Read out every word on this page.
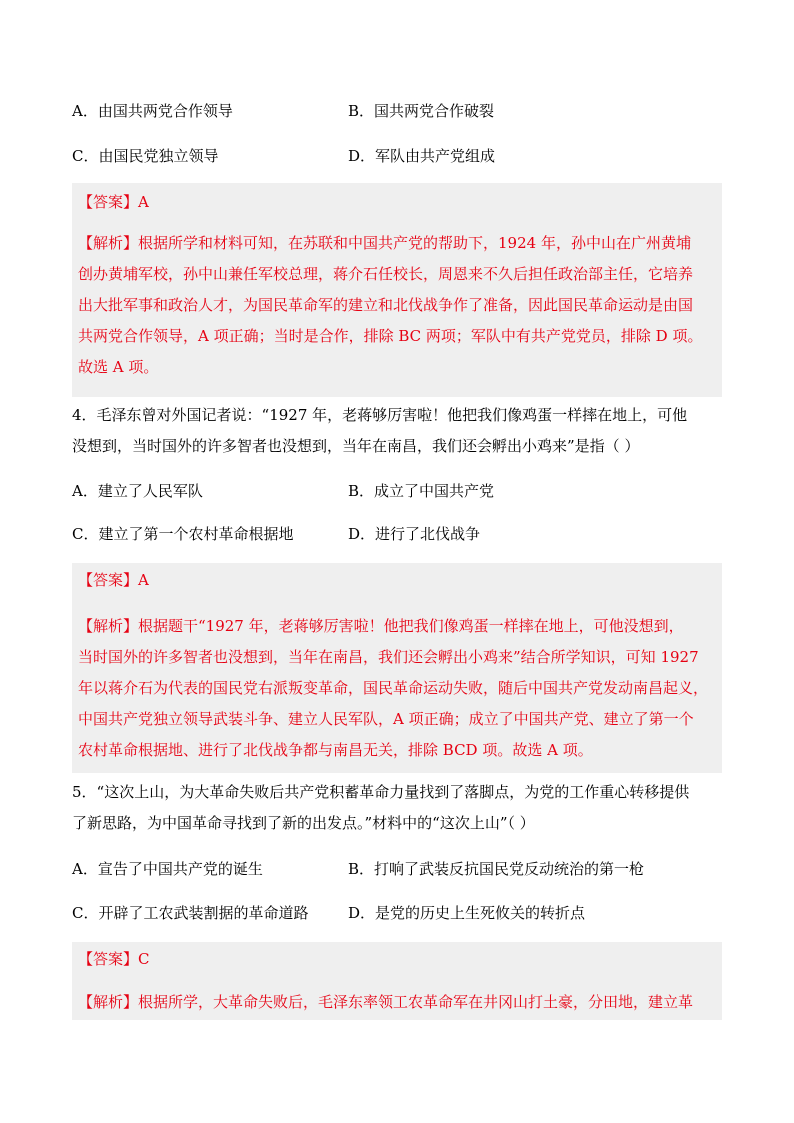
A．由国共两党合作领导	B．国共两党合作破裂
C．由国民党独立领导	D．军队由共产党组成
【答案】A
【解析】根据所学和材料可知，在苏联和中国共产党的帮助下，1924 年，孙中山在广州黄埔
创办黄埔军校，孙中山兼任军校总理，蒋介石任校长，周恩来不久后担任政治部主任，它培养
出大批军事和政治人才，为国民革命军的建立和北伐战争作了准备，因此国民革命运动是由国
共两党合作领导，A 项正确；当时是合作，排除 BC 两项；军队中有共产党党员，排除 D 项。
故选 A 项。
4．毛泽东曾对外国记者说：“1927 年，老蒋够厉害啦！他把我们像鸡蛋一样摔在地上，可他
没想到，当时国外的许多智者也没想到，当年在南昌，我们还会孵出小鸡来”是指（ ）
A．建立了人民军队	B．成立了中国共产党
C．建立了第一个农村革命根据地	D．进行了北伐战争
【答案】A
【解析】根据题干“1927 年，老蒋够厉害啦！他把我们像鸡蛋一样摔在地上，可他没想到，
当时国外的许多智者也没想到，当年在南昌，我们还会孵出小鸡来”结合所学知识，可知 1927
年以蒋介石为代表的国民党右派叛变革命，国民革命运动失败，随后中国共产党发动南昌起义，
中国共产党独立领导武装斗争、建立人民军队，A 项正确；成立了中国共产党、建立了第一个
农村革命根据地、进行了北伐战争都与南昌无关，排除 BCD 项。故选 A 项。
5．“这次上山，为大革命失败后共产党积蓄革命力量找到了落脚点，为党的工作重心转移提供
了新思路，为中国革命寻找到了新的出发点。”材料中的“这次上山”（ ）
A．宣告了中国共产党的诞生	B．打响了武装反抗国民党反动统治的第一枪
C．开辟了工农武装割据的革命道路	D．是党的历史上生死攸关的转折点
【答案】C
【解析】根据所学，大革命失败后，毛泽东率领工农革命军在井冈山打土豪，分田地，建立革
